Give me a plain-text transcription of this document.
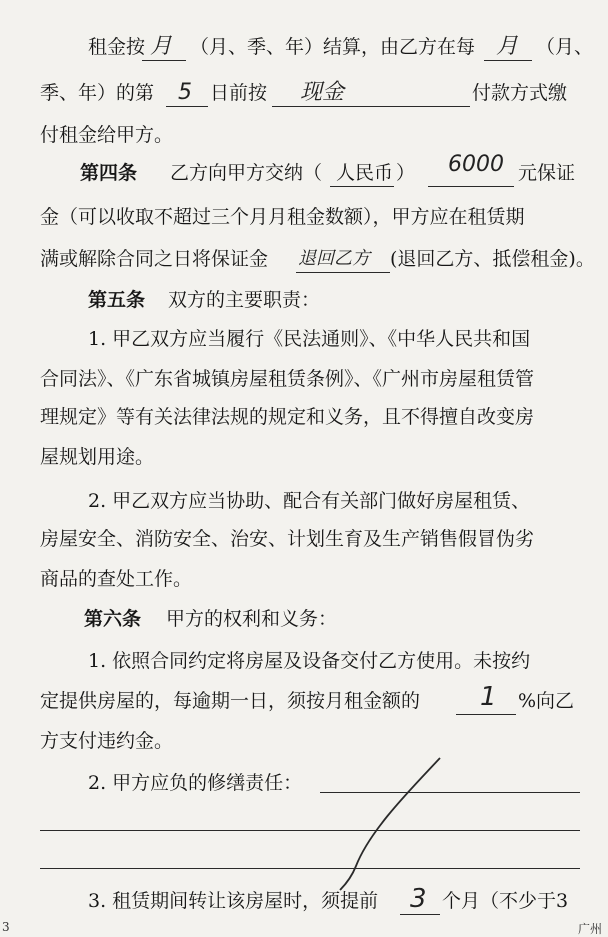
租金按 月 （月、季、年）结算，由乙方在每 月 （月、
季、年）的第 5 日前按 现金	付款方式缴
付租金给甲方。
第四条 乙方向甲方交纳（ 人民币 ） 6000 元保证
金（可以收取不超过三个月月租金数额），甲方应在租赁期
满或解除合同之日将保证金 退回乙方 (退回乙方、抵偿租金)。
第五条 双方的主要职责：
1. 甲乙双方应当履行《民法通则》、《中华人民共和国
合同法》、《广东省城镇房屋租赁条例》、《广州市房屋租赁管
理规定》等有关法律法规的规定和义务，且不得擅自改变房
屋规划用途。
2. 甲乙双方应当协助、配合有关部门做好房屋租赁、
房屋安全、消防安全、治安、计划生育及生产销售假冒伪劣
商品的查处工作。
第六条 甲方的权利和义务：
1. 依照合同约定将房屋及设备交付乙方使用。未按约
定提供房屋的，每逾期一日，须按月租金额的 1 %向乙
方支付违约金。
2. 甲方应负的修缮责任：
3. 租赁期间转让该房屋时，须提前 3 个月（不少于3
3	广州
